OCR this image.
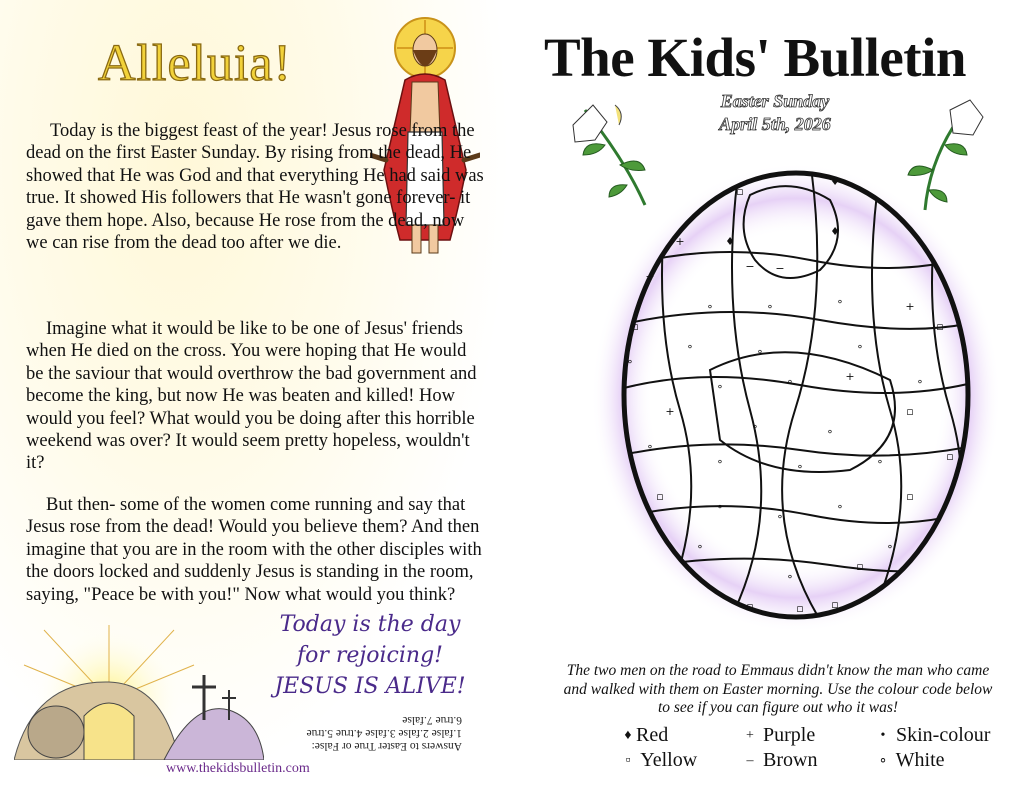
Alleluia!

Today is the biggest feast of the year! Jesus rose from the dead on the first Easter Sunday. By rising from the dead, He showed that He was God and that everything He had said was true. It showed His followers that He wasn't gone forever- it gave them hope. Also, because He rose from the dead, now we can rise from the dead too after we die.

Imagine what it would be like to be one of Jesus' friends when He died on the cross. You were hoping that He would be the saviour that would overthrow the bad government and become the king, but now He was beaten and killed! How would you feel? What would you be doing after this horrible weekend was over? It would seem pretty hopeless, wouldn't it?

But then- some of the women come running and say that Jesus rose from the dead! Would you believe them? And then imagine that you are in the room with the other disciples with the doors locked and suddenly Jesus is standing in the room, saying, "Peace be with you!" Now what would you think?

Today is the day
for rejoicing!
JESUS IS ALIVE!
Answers to Easter True or False:
1.false 2.false 3.false 4.true 5.true
6.true 7.false
www.thekidsbulletin.com
The Kids' Bulletin
Easter Sunday
April 5th, 2026
▫
♦
♦
♦
+
+
∘	∘	∘	+
▫
∘	∘	∘
▫
∘
∘	∘	+	∘
+
∘	∘
▫
∘
∘	∘	∘	▫
▫
∘
∘
∘
▫
∘
∘
▫
▫	▫	▫
∘
− −

The two men on the road to Emmaus didn't know the man who came and walked with them on Easter morning. Use the colour code below to see if you can figure out who it was!

♦ Red	+ Purple	• Skin-colour
▫ Yellow	‒ Brown	∘ White
